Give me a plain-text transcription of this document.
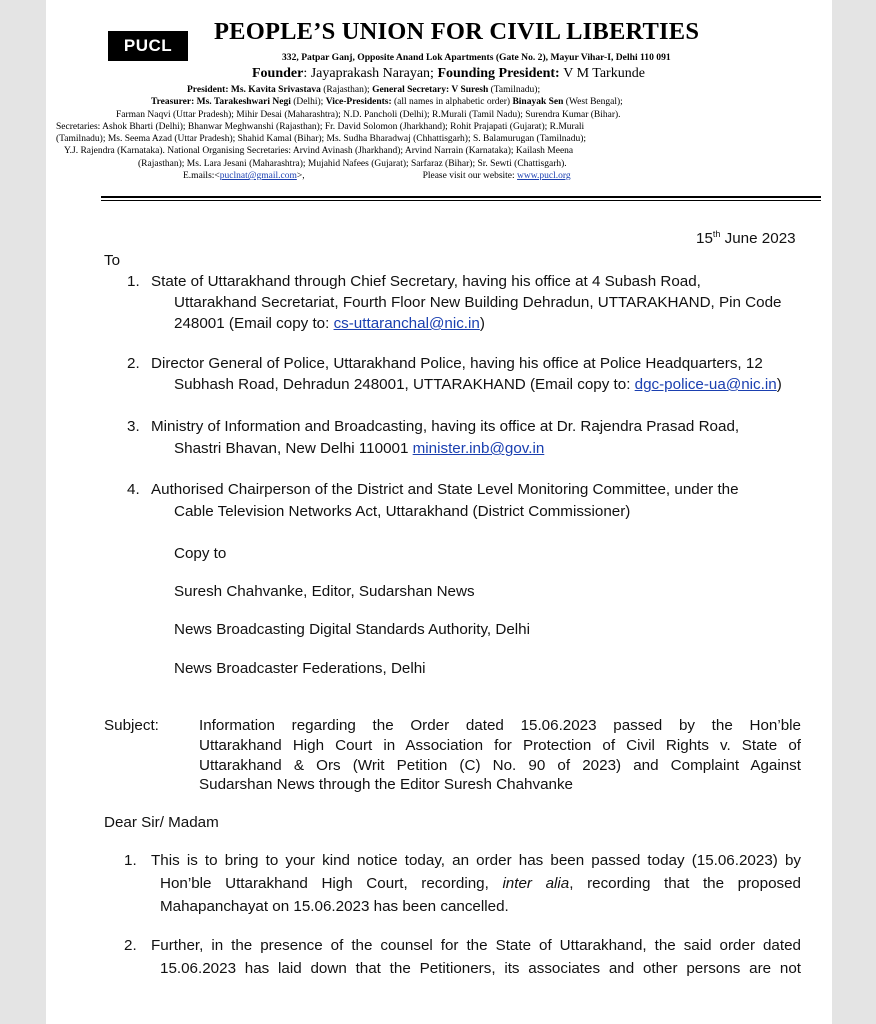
PUCL
PEOPLE’S UNION FOR CIVIL LIBERTIES
332, Patpar Ganj, Opposite Anand Lok Apartments (Gate No. 2), Mayur Vihar-I, Delhi 110 091
Founder: Jayaprakash Narayan; Founding President: V M Tarkunde
President: Ms. Kavita Srivastava (Rajasthan); General Secretary: V Suresh (Tamilnadu);
Treasurer: Ms. Tarakeshwari Negi (Delhi); Vice-Presidents: (all names in alphabetic order) Binayak Sen (West Bengal);
Farman Naqvi (Uttar Pradesh); Mihir Desai (Maharashtra); N.D. Pancholi (Delhi); R.Murali (Tamil Nadu); Surendra Kumar (Bihar).
Secretaries: Ashok Bharti (Delhi); Bhanwar Meghwanshi (Rajasthan); Fr. David Solomon (Jharkhand); Rohit Prajapati (Gujarat); R.Murali
(Tamilnadu); Ms. Seema Azad (Uttar Pradesh); Shahid Kamal (Bihar); Ms. Sudha Bharadwaj (Chhattisgarh); S. Balamurugan (Tamilnadu);
Y.J. Rajendra (Karnataka). National Organising Secretaries: Arvind Avinash (Jharkhand); Arvind Narrain (Karnataka); Kailash Meena
(Rajasthan); Ms. Lara Jesani (Maharashtra); Mujahid Nafees (Gujarat); Sarfaraz (Bihar); Sr. Sewti (Chattisgarh).
E.mails:<puclnat@gmail.com>,	Please visit our website: www.pucl.org
15th June 2023
To
1. State of Uttarakhand through Chief Secretary, having his office at 4 Subash Road,
Uttarakhand Secretariat, Fourth Floor New Building Dehradun, UTTARAKHAND, Pin Code
248001 (Email copy to: cs-uttaranchal@nic.in)
2. Director General of Police, Uttarakhand Police, having his office at Police Headquarters, 12
Subhash Road, Dehradun 248001, UTTARAKHAND (Email copy to: dgc-police-ua@nic.in)
3. Ministry of Information and Broadcasting, having its office at Dr. Rajendra Prasad Road,
Shastri Bhavan, New Delhi 110001 minister.inb@gov.in
4. Authorised Chairperson of the District and State Level Monitoring Committee, under the
Cable Television Networks Act, Uttarakhand (District Commissioner)
Copy to
Suresh Chahvanke, Editor, Sudarshan News
News Broadcasting Digital Standards Authority, Delhi
News Broadcaster Federations, Delhi
Subject:	Information regarding the Order dated 15.06.2023 passed by the Hon’ble
Uttarakhand High Court in Association for Protection of Civil Rights v. State of
Uttarakhand & Ors (Writ Petition (C) No. 90 of 2023) and Complaint Against
Sudarshan News through the Editor Suresh Chahvanke
Dear Sir/ Madam
1. This is to bring to your kind notice today, an order has been passed today (15.06.2023) by
Hon’ble Uttarakhand High Court, recording, inter alia, recording that the proposed
Mahapanchayat on 15.06.2023 has been cancelled.
2. Further, in the presence of the counsel for the State of Uttarakhand, the said order dated
15.06.2023 has laid down that the Petitioners, its associates and other persons are not
